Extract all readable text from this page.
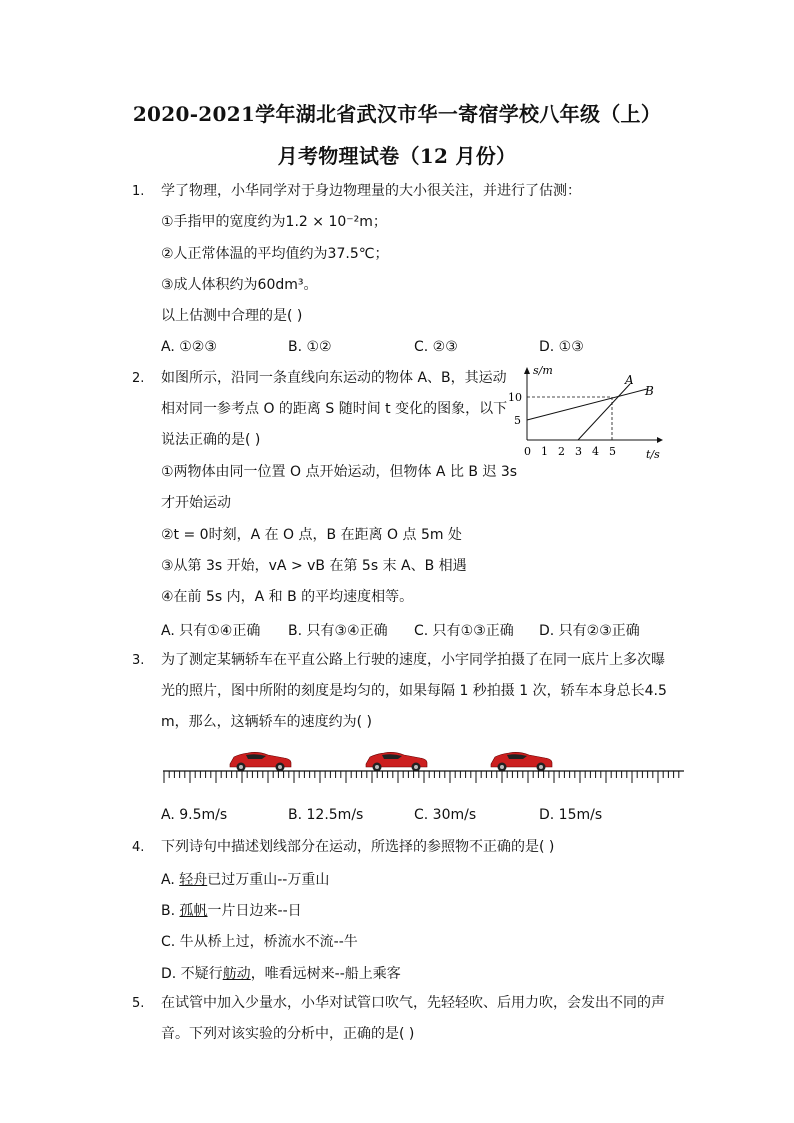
2020-2021学年湖北省武汉市华一寄宿学校八年级（上）
月考物理试卷（12 月份）
1. 学了物理，小华同学对于身边物理量的大小很关注，并进行了估测：
①手指甲的宽度约为1.2 × 10⁻²m；
②人正常体温的平均值约为37.5℃；
③成人体积约为60dm³。
以上估测中合理的是( )
A. ①②③	B. ①②	C. ②③	D. ①③
2. 如图所示，沿同一条直线向东运动的物体 A、B，其运动
相对同一参考点 O 的距离 S 随时间 t 变化的图象，以下
说法正确的是( )
①两物体由同一位置 O 点开始运动，但物体 A 比 B 迟 3s
才开始运动
②t = 0时刻，A 在 O 点，B 在距离 O 点 5m 处
③从第 3s 开始，vA > vB 在第 5s 末 A、B 相遇
④在前 5s 内，A 和 B 的平均速度相等。
A. 只有①④正确 B. 只有③④正确 C. 只有①③正确 D. 只有②③正确
s/m
t/s
0 1 2 3 4 5
5
10
A
B
3. 为了测定某辆轿车在平直公路上行驶的速度，小宇同学拍摄了在同一底片上多次曝
光的照片，图中所附的刻度是均匀的，如果每隔 1 秒拍摄 1 次，轿车本身总长4.5
m，那么，这辆轿车的速度约为( )
A. 9.5m/s	B. 12.5m/s	C. 30m/s	D. 15m/s
4. 下列诗句中描述划线部分在运动，所选择的参照物不正确的是( )
A. 轻舟已过万重山--万重山
B. 孤帆一片日边来--日
C. 牛从桥上过，桥流水不流--牛
D. 不疑行舫动，唯看远树来--船上乘客
5. 在试管中加入少量水，小华对试管口吹气，先轻轻吹、后用力吹，会发出不同的声
音。下列对该实验的分析中，正确的是( )
